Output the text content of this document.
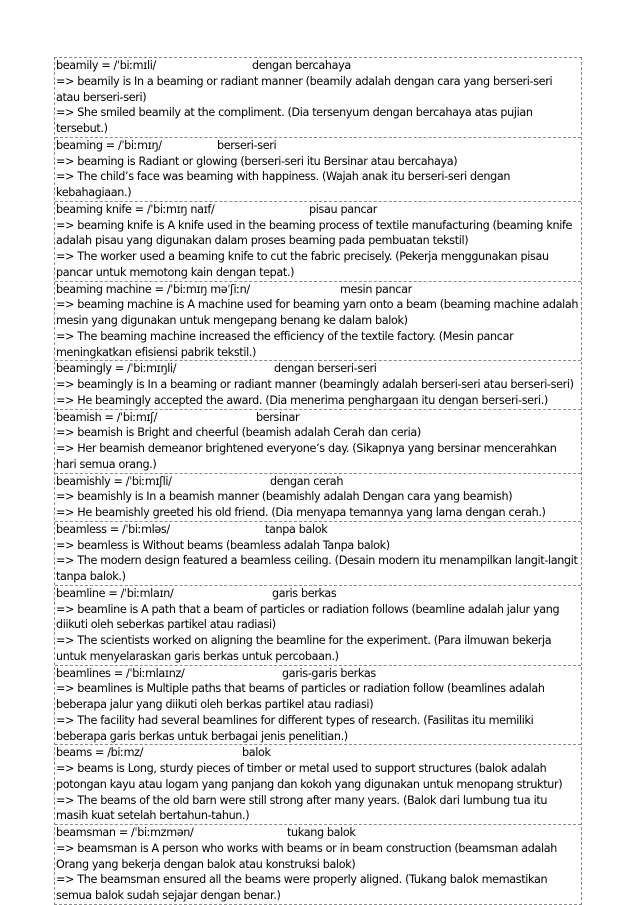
beamily = /ˈbiːmɪli/	dengan bercahaya
=> beamily is In a beaming or radiant manner (beamily adalah dengan cara yang berseri-seri atau berseri-seri)
=> She smiled beamily at the compliment. (Dia tersenyum dengan bercahaya atas pujian tersebut.)
beaming = /ˈbiːmɪŋ/	berseri-seri
=> beaming is Radiant or glowing (berseri-seri itu Bersinar atau bercahaya)
=> The child’s face was beaming with happiness. (Wajah anak itu berseri-seri dengan kebahagiaan.)
beaming knife = /ˈbiːmɪŋ naɪf/	pisau pancar
=> beaming knife is A knife used in the beaming process of textile manufacturing (beaming knife adalah pisau yang digunakan dalam proses beaming pada pembuatan tekstil)
=> The worker used a beaming knife to cut the fabric precisely. (Pekerja menggunakan pisau pancar untuk memotong kain dengan tepat.)
beaming machine = /ˈbiːmɪŋ məˈʃiːn/	mesin pancar
=> beaming machine is A machine used for beaming yarn onto a beam (beaming machine adalah mesin yang digunakan untuk mengepang benang ke dalam balok)
=> The beaming machine increased the efficiency of the textile factory. (Mesin pancar meningkatkan efisiensi pabrik tekstil.)
beamingly = /ˈbiːmɪŋli/	dengan berseri-seri
=> beamingly is In a beaming or radiant manner (beamingly adalah berseri-seri atau berseri-seri)
=> He beamingly accepted the award. (Dia menerima penghargaan itu dengan berseri-seri.)
beamish = /ˈbiːmɪʃ/	bersinar
=> beamish is Bright and cheerful (beamish adalah Cerah dan ceria)
=> Her beamish demeanor brightened everyone’s day. (Sikapnya yang bersinar mencerahkan hari semua orang.)
beamishly = /ˈbiːmɪʃli/	dengan cerah
=> beamishly is In a beamish manner (beamishly adalah Dengan cara yang beamish)
=> He beamishly greeted his old friend. (Dia menyapa temannya yang lama dengan cerah.)
beamless = /ˈbiːmləs/	tanpa balok
=> beamless is Without beams (beamless adalah Tanpa balok)
=> The modern design featured a beamless ceiling. (Desain modern itu menampilkan langit-langit tanpa balok.)
beamline = /ˈbiːmlaɪn/	garis berkas
=> beamline is A path that a beam of particles or radiation follows (beamline adalah jalur yang diikuti oleh seberkas partikel atau radiasi)
=> The scientists worked on aligning the beamline for the experiment. (Para ilmuwan bekerja untuk menyelaraskan garis berkas untuk percobaan.)
beamlines = /ˈbiːmlaɪnz/	garis-garis berkas
=> beamlines is Multiple paths that beams of particles or radiation follow (beamlines adalah beberapa jalur yang diikuti oleh berkas partikel atau radiasi)
=> The facility had several beamlines for different types of research. (Fasilitas itu memiliki beberapa garis berkas untuk berbagai jenis penelitian.)
beams = /biːmz/	balok
=> beams is Long, sturdy pieces of timber or metal used to support structures (balok adalah potongan kayu atau logam yang panjang dan kokoh yang digunakan untuk menopang struktur)
=> The beams of the old barn were still strong after many years. (Balok dari lumbung tua itu masih kuat setelah bertahun-tahun.)
beamsman = /ˈbiːmzmən/	tukang balok
=> beamsman is A person who works with beams or in beam construction (beamsman adalah Orang yang bekerja dengan balok atau konstruksi balok)
=> The beamsman ensured all the beams were properly aligned. (Tukang balok memastikan semua balok sudah sejajar dengan benar.)
